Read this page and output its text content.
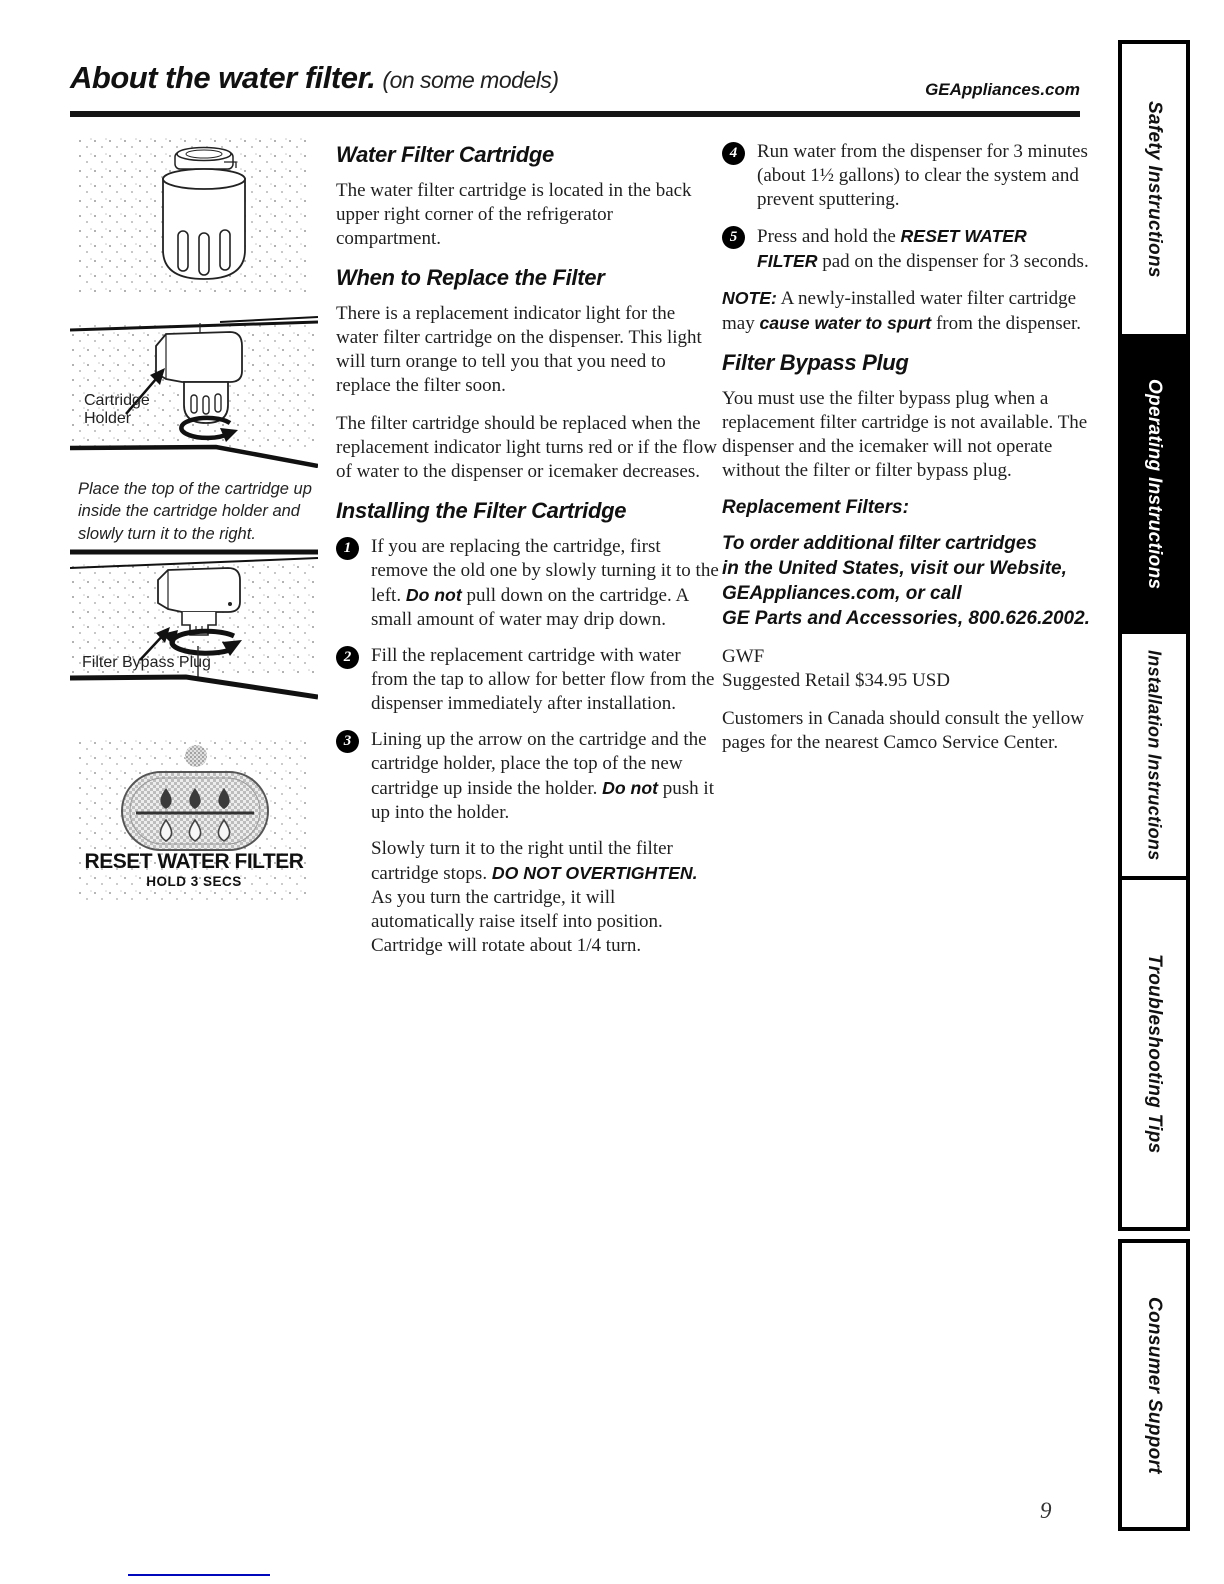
About the water filter. (on some models)	GEAppliances.com
Cartridge
Holder
Place the top of the cartridge up
inside the cartridge holder and
slowly turn it to the right.
Filter Bypass Plug
RESET WATER FILTER
HOLD 3 SECS
Water Filter Cartridge

The water filter cartridge is located in the back upper right corner of the refrigerator compartment.

When to Replace the Filter

There is a replacement indicator light for the water filter cartridge on the dispenser. This light will turn orange to tell you that you need to replace the filter soon.

The filter cartridge should be replaced when the replacement indicator light turns red or if the flow of water to the dispenser or icemaker decreases.

Installing the Filter Cartridge
1	If you are replacing the cartridge, first remove the old one by slowly turning it to the left. Do not pull down on the cartridge. A small amount of water may drip down.
2	Fill the replacement cartridge with water from the tap to allow for better flow from the dispenser immediately after installation.
3	Lining up the arrow on the cartridge and the cartridge holder, place the top of the new cartridge up inside the holder. Do not push it up into the holder.

Slowly turn it to the right until the filter cartridge stops. DO NOT OVERTIGHTEN. As you turn the cartridge, it will automatically raise itself into position. Cartridge will rotate about 1/4 turn.

4	Run water from the dispenser for 3 minutes (about 1½ gallons) to clear the system and prevent sputtering.
5	Press and hold the RESET WATER FILTER pad on the dispenser for 3 seconds.

NOTE: A newly-installed water filter cartridge may cause water to spurt from the dispenser.

Filter Bypass Plug

You must use the filter bypass plug when a replacement filter cartridge is not available. The dispenser and the icemaker will not operate without the filter or filter bypass plug.

Replacement Filters:
To order additional filter cartridges
in the United States, visit our Website,
GEAppliances.com, or call
GE Parts and Accessories, 800.626.2002.

GWF
Suggested Retail $34.95 USD

Customers in Canada should consult the yellow pages for the nearest Camco Service Center.

Safety Instructions
Operating Instructions
Installation Instructions
Troubleshooting Tips
Consumer Support
9
